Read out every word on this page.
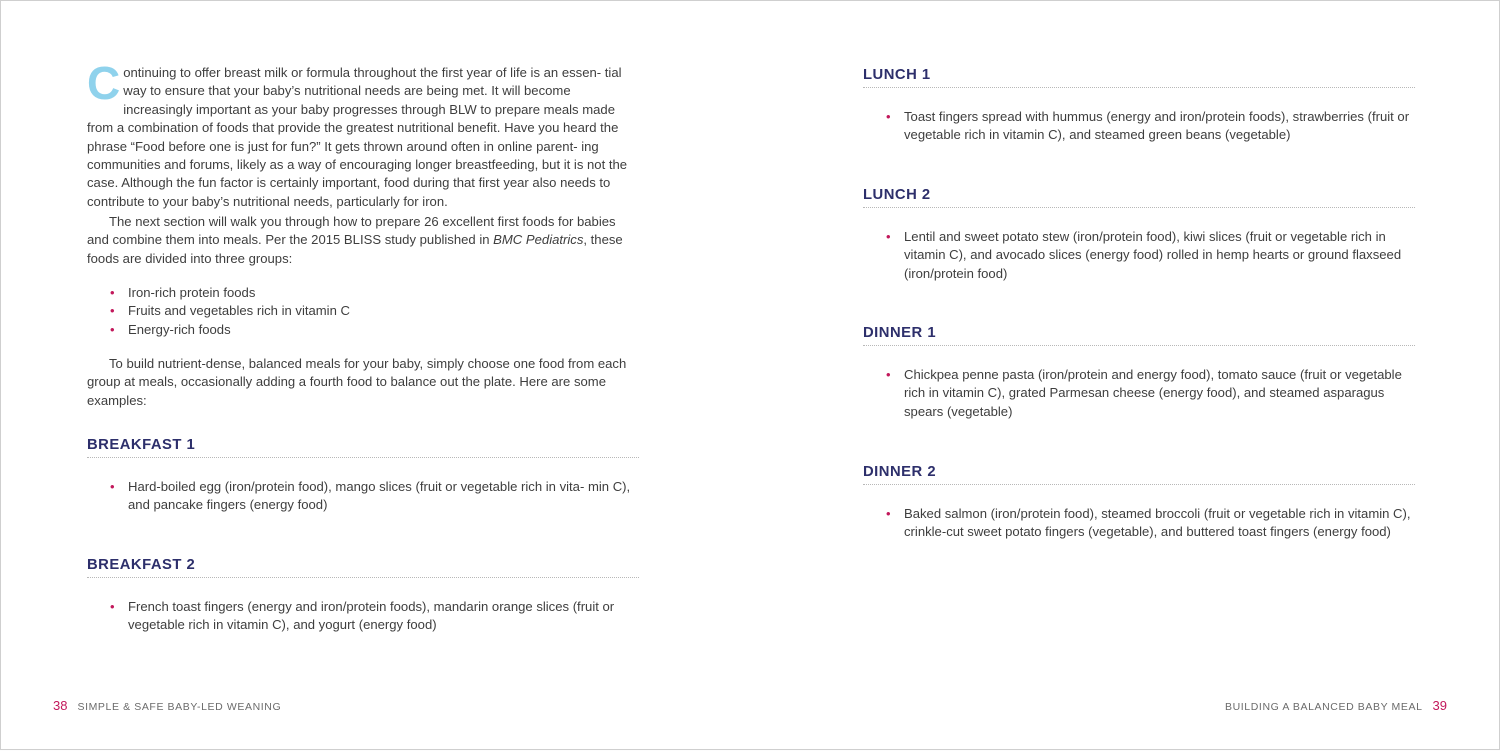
Continuing to offer breast milk or formula throughout the first year of life is an essen- tial way to ensure that your baby’s nutritional needs are being met. It will become increasingly important as your baby progresses through BLW to prepare meals made from a combination of foods that provide the greatest nutritional benefit. Have you heard the phrase “Food before one is just for fun?” It gets thrown around often in online parent- ing communities and forums, likely as a way of encouraging longer breastfeeding, but it is not the case. Although the fun factor is certainly important, food during that first year also needs to contribute to your baby’s nutritional needs, particularly for iron.

The next section will walk you through how to prepare 26 excellent first foods for babies and combine them into meals. Per the 2015 BLISS study published in BMC Pediatrics, these foods are divided into three groups:

• Iron-rich protein foods
• Fruits and vegetables rich in vitamin C
• Energy-rich foods

To build nutrient-dense, balanced meals for your baby, simply choose one food from each group at meals, occasionally adding a fourth food to balance out the plate. Here are some examples:

BREAKFAST 1
• Hard-boiled egg (iron/protein food), mango slices (fruit or vegetable rich in vita- min C), and pancake fingers (energy food)
BREAKFAST 2
• French toast fingers (energy and iron/protein foods), mandarin orange slices (fruit or vegetable rich in vitamin C), and yogurt (energy food)
LUNCH 1
• Toast fingers spread with hummus (energy and iron/protein foods), strawberries (fruit or vegetable rich in vitamin C), and steamed green beans (vegetable)
LUNCH 2
• Lentil and sweet potato stew (iron/protein food), kiwi slices (fruit or vegetable rich in vitamin C), and avocado slices (energy food) rolled in hemp hearts or ground flaxseed (iron/protein food)
DINNER 1
• Chickpea penne pasta (iron/protein and energy food), tomato sauce (fruit or vegetable rich in vitamin C), grated Parmesan cheese (energy food), and steamed asparagus spears (vegetable)
DINNER 2
• Baked salmon (iron/protein food), steamed broccoli (fruit or vegetable rich in vitamin C), crinkle-cut sweet potato fingers (vegetable), and buttered toast fingers (energy food)
38 SIMPLE & SAFE BABY-LED WEANING	BUILDING A BALANCED BABY MEAL 39
